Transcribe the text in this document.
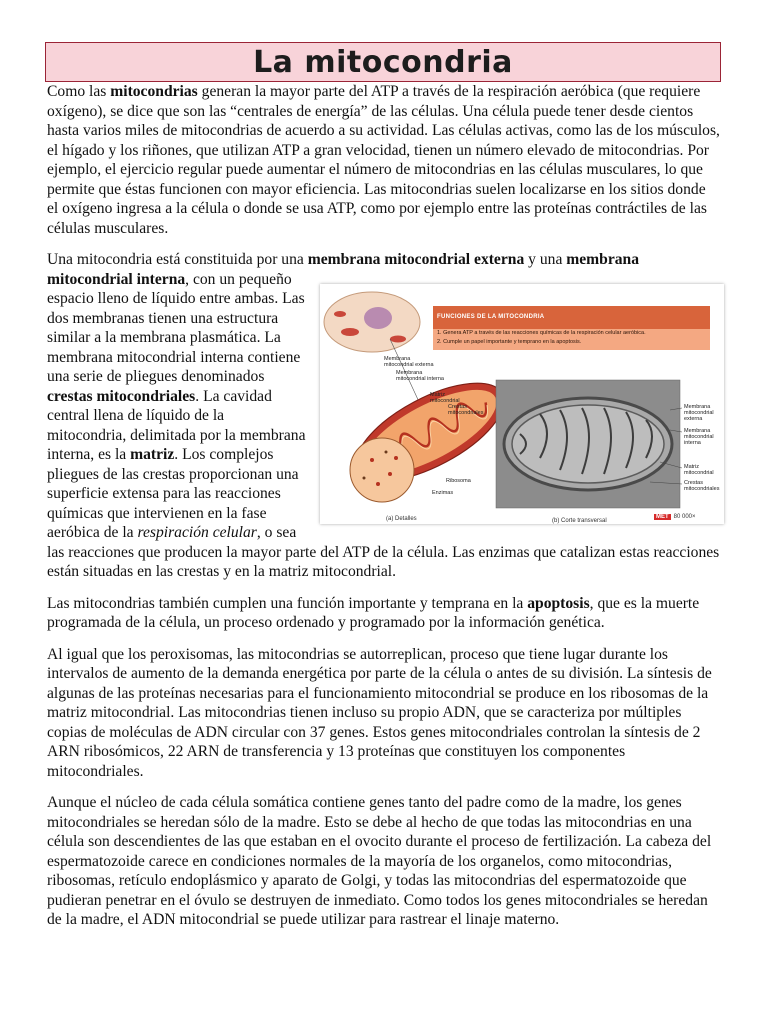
La mitocondria

Como las mitocondrias generan la mayor parte del ATP a través de la respiración aeróbica (que requiere oxígeno), se dice que son las “centrales de energía” de las células. Una célula puede tener desde cientos hasta varios miles de mitocondrias de acuerdo a su actividad. Las células activas, como las de los músculos, el hígado y los riñones, que utilizan ATP a gran velocidad, tienen un número elevado de mitocondrias. Por ejemplo, el ejercicio regular puede aumentar el número de mitocondrias en las células musculares, lo que permite que éstas funcionen con mayor eficiencia. Las mitocondrias suelen localizarse en los sitios donde el oxígeno ingresa a la célula o donde se usa ATP, como por ejemplo entre las proteínas contráctiles de las células musculares.

Una mitocondria está constituida por una membrana mitocondrial externa y una membrana mitocondrial interna
FUNCIONES DE LA MITOCONDRIA
1. Genera ATP a través de las reacciones químicas de la respiración celular aeróbica.
2. Cumple un papel importante y temprano en la apoptosis.
Membrana mitocondrial externa
Membrana mitocondrial interna
Matriz mitocondrial
Crestas mitocondriales
Ribosoma
Enzimas
Membrana mitocondrial externa
Membrana mitocondrial interna
Matriz mitocondrial
Crestas mitocondriales
(a) Detalles	(b) Corte transversal
MET 80 000×
, con un pequeño espacio lleno de líquido entre ambas. Las dos membranas tienen una estructura similar a la membrana plasmática. La membrana mitocondrial interna contiene una serie de pliegues denominados crestas mitocondriales. La cavidad central llena de líquido de la mitocondria, delimitada por la membrana interna, es la matriz. Los complejos pliegues de las crestas proporcionan una superficie extensa para las reacciones químicas que intervienen en la fase aeróbica de la respiración celular, o sea las reacciones que producen la mayor parte del ATP de la célula. Las enzimas que catalizan estas reacciones están situadas en las crestas y en la matriz mitocondrial.

Las mitocondrias también cumplen una función importante y temprana en la apoptosis, que es la muerte programada de la célula, un proceso ordenado y programado por la información genética.

Al igual que los peroxisomas, las mitocondrias se autorreplican, proceso que tiene lugar durante los intervalos de aumento de la demanda energética por parte de la célula o antes de su división. La síntesis de algunas de las proteínas necesarias para el funcionamiento mitocondrial se produce en los ribosomas de la matriz mitocondrial. Las mitocondrias tienen incluso su propio ADN, que se caracteriza por múltiples copias de moléculas de ADN circular con 37 genes. Estos genes mitocondriales controlan la síntesis de 2 ARN ribosómicos, 22 ARN de transferencia y 13 proteínas que constituyen los componentes mitocondriales.

Aunque el núcleo de cada célula somática contiene genes tanto del padre como de la madre, los genes mitocondriales se heredan sólo de la madre. Esto se debe al hecho de que todas las mitocondrias en una célula son descendientes de las que estaban en el ovocito durante el proceso de fertilización. La cabeza del espermatozoide carece en condiciones normales de la mayoría de los organelos, como mitocondrias, ribosomas, retículo endoplásmico y aparato de Golgi, y todas las mitocondrias del espermatozoide que pudieran penetrar en el óvulo se destruyen de inmediato. Como todos los genes mitocondriales se heredan de la madre, el ADN mitocondrial se puede utilizar para rastrear el linaje materno.
